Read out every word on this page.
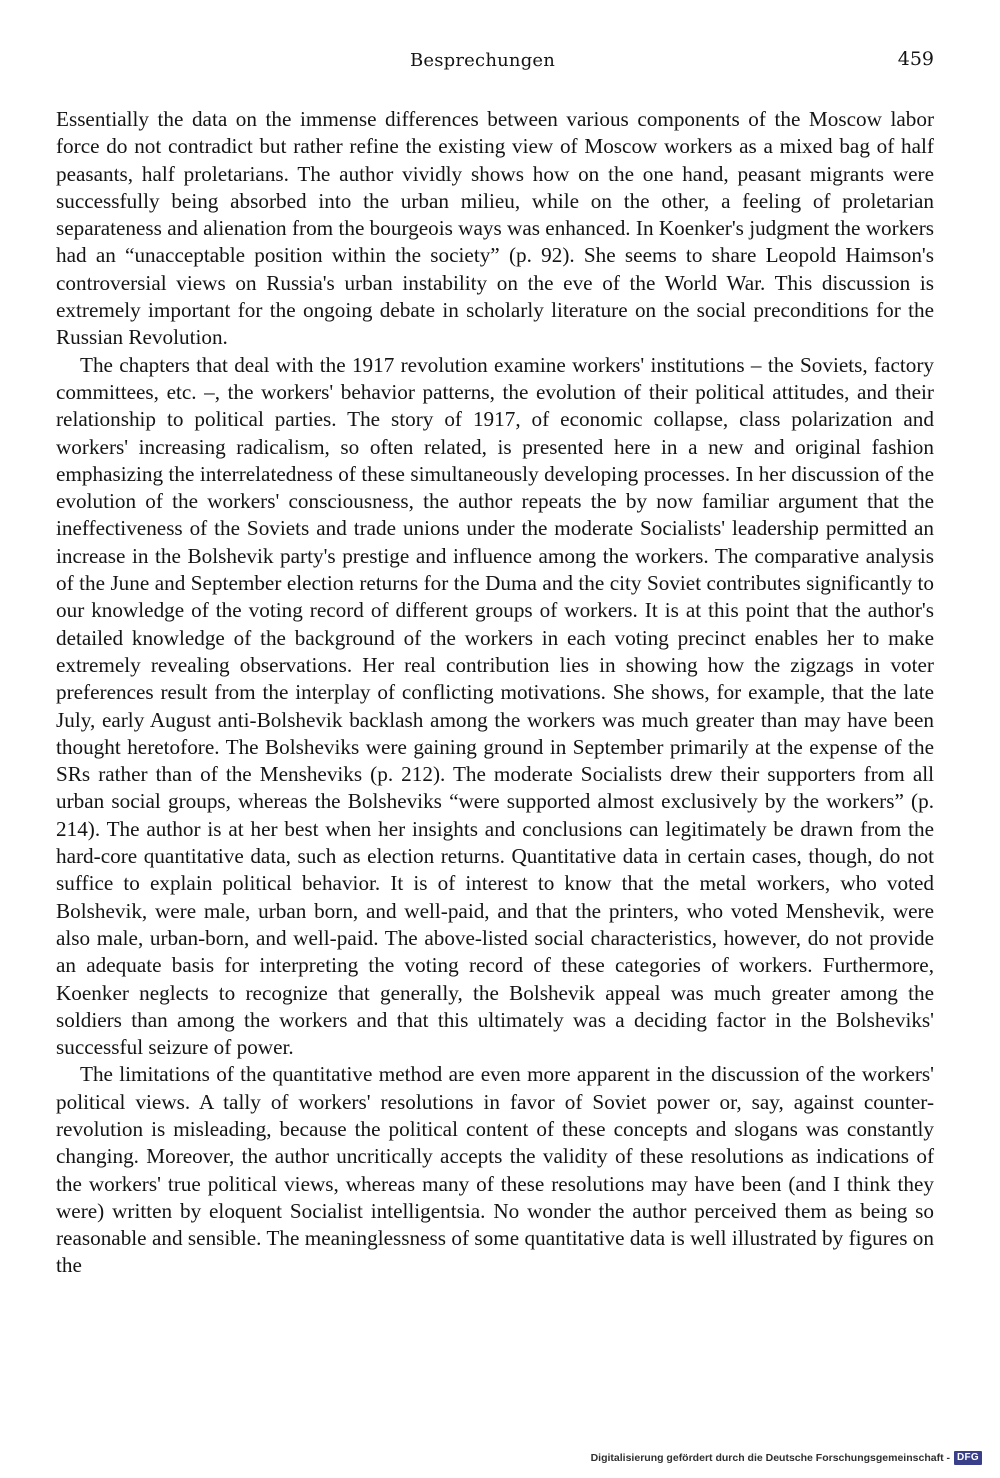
Besprechungen	459

Essentially the data on the immense differences between various components of the Moscow labor force do not contradict but rather refine the existing view of Moscow workers as a mixed bag of half peasants, half proletarians. The author vividly shows how on the one hand, peasant migrants were successfully being absorbed into the urban milieu, while on the other, a feeling of proletarian separateness and alienation from the bourgeois ways was enhanced. In Koenker's judgment the workers had an “unacceptable position within the society” (p. 92). She seems to share Leopold Haimson's controversial views on Russia's urban instability on the eve of the World War. This discussion is extremely important for the ongoing debate in scholarly literature on the social preconditions for the Russian Revolution.

The chapters that deal with the 1917 revolution examine workers' institutions – the Soviets, factory committees, etc. –, the workers' behavior patterns, the evolution of their political attitudes, and their relationship to political parties. The story of 1917, of economic collapse, class polarization and workers' increasing radicalism, so often related, is presented here in a new and original fashion emphasizing the interrelatedness of these simultaneously developing processes. In her discussion of the evolution of the workers' consciousness, the author repeats the by now familiar argument that the ineffectiveness of the Soviets and trade unions under the moderate Socialists' leadership permitted an increase in the Bolshevik party's prestige and influence among the workers. The comparative analysis of the June and September election returns for the Duma and the city Soviet contributes significantly to our knowledge of the voting record of different groups of workers. It is at this point that the author's detailed knowledge of the background of the workers in each voting precinct enables her to make extremely revealing observations. Her real contribution lies in showing how the zigzags in voter preferences result from the interplay of conflicting motivations. She shows, for example, that the late July, early August anti-Bolshevik backlash among the workers was much greater than may have been thought heretofore. The Bolsheviks were gaining ground in September primarily at the expense of the SRs rather than of the Mensheviks (p. 212). The moderate Socialists drew their supporters from all urban social groups, whereas the Bolsheviks “were supported almost exclusively by the workers” (p. 214). The author is at her best when her insights and conclusions can legitimately be drawn from the hard-core quantitative data, such as election returns. Quantitative data in certain cases, though, do not suffice to explain political behavior. It is of interest to know that the metal workers, who voted Bolshevik, were male, urban born, and well-paid, and that the printers, who voted Menshevik, were also male, urban-born, and well-paid. The above-listed social characteristics, however, do not provide an adequate basis for interpreting the voting record of these categories of workers. Furthermore, Koenker neglects to recognize that generally, the Bolshevik appeal was much greater among the soldiers than among the workers and that this ultimately was a deciding factor in the Bolsheviks' successful seizure of power.

The limitations of the quantitative method are even more apparent in the discussion of the workers' political views. A tally of workers' resolutions in favor of Soviet power or, say, against counter-revolution is misleading, because the political content of these concepts and slogans was constantly changing. Moreover, the author uncritically accepts the validity of these resolutions as indications of the workers' true political views, whereas many of these resolutions may have been (and I think they were) written by eloquent Socialist intelligentsia. No wonder the author perceived them as being so reasonable and sensible. The meaninglessness of some quantitative data is well illustrated by figures on the

Digitalisierung gefördert durch die Deutsche Forschungsgemeinschaft - DFG
